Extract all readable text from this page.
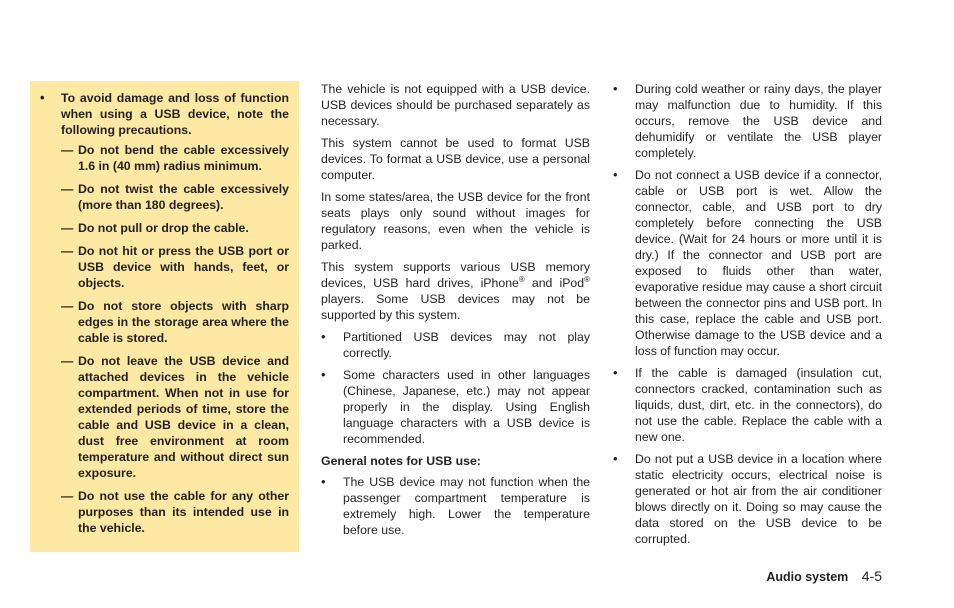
• To avoid damage and loss of function when using a USB device, note the following precautions.
— Do not bend the cable excessively 1.6 in (40 mm) radius minimum.
— Do not twist the cable excessively (more than 180 degrees).
— Do not pull or drop the cable.
— Do not hit or press the USB port or USB device with hands, feet, or objects.
— Do not store objects with sharp edges in the storage area where the cable is stored.
— Do not leave the USB device and attached devices in the vehicle compartment. When not in use for extended periods of time, store the cable and USB device in a clean, dust free environment at room temperature and without direct sun exposure.
— Do not use the cable for any other purposes than its intended use in the vehicle.

The vehicle is not equipped with a USB device. USB devices should be purchased separately as necessary.

This system cannot be used to format USB devices. To format a USB device, use a personal computer.

In some states/area, the USB device for the front seats plays only sound without images for regulatory reasons, even when the vehicle is parked.

This system supports various USB memory devices, USB hard drives, iPhone® and iPod® players. Some USB devices may not be supported by this system.

• Partitioned USB devices may not play correctly.
• Some characters used in other languages (Chinese, Japanese, etc.) may not appear properly in the display. Using English language characters with a USB device is recommended.
General notes for USB use:
• The USB device may not function when the passenger compartment temperature is extremely high. Lower the temperature before use.
• During cold weather or rainy days, the player may malfunction due to humidity. If this occurs, remove the USB device and dehumidify or ventilate the USB player completely.
• Do not connect a USB device if a connector, cable or USB port is wet. Allow the connector, cable, and USB port to dry completely before connecting the USB device. (Wait for 24 hours or more until it is dry.) If the connector and USB port are exposed to fluids other than water, evaporative residue may cause a short circuit between the connector pins and USB port. In this case, replace the cable and USB port. Otherwise damage to the USB device and a loss of function may occur.
• If the cable is damaged (insulation cut, connectors cracked, contamination such as liquids, dust, dirt, etc. in the connectors), do not use the cable. Replace the cable with a new one.
• Do not put a USB device in a location where static electricity occurs, electrical noise is generated or hot air from the air conditioner blows directly on it. Doing so may cause the data stored on the USB device to be corrupted.
Audio system 4-5
